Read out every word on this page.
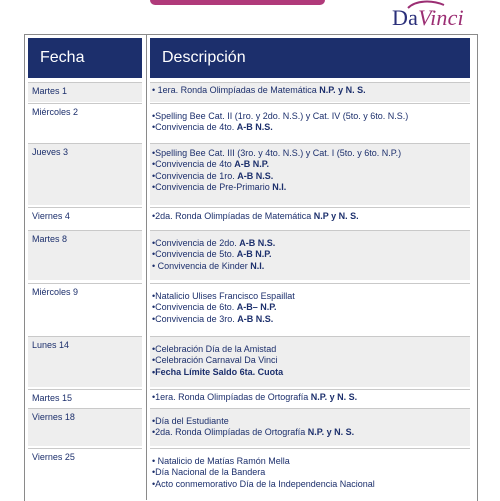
DaVinci
Fecha	Descripción
Martes 1	• 1era. Ronda Olimpíadas de Matemática N.P. y N. S.
Miércoles 2	•Spelling Bee Cat. II (1ro. y 2do. N.S.) y Cat. IV (5to. y 6to. N.S.)
•Convivencia de 4to. A-B N.S.
Jueves 3	•Spelling Bee Cat. III (3ro. y 4to. N.S.) y Cat. I (5to. y 6to. N.P.)
•Convivencia de 4to A-B N.P.
•Convivencia de 1ro. A-B N.S.
•Convivencia de Pre-Primario N.I.
Viernes 4	•2da. Ronda Olimpíadas de Matemática N.P y N. S.
Martes 8	•Convivencia de 2do. A-B N.S.
•Convivencia de 5to. A-B N.P.
• Convivencia de Kinder N.I.
Miércoles 9	•Natalicio Ulises Francisco Espaillat
•Convivencia de 6to. A-B– N.P.
•Convivencia de 3ro. A-B N.S.
Lunes 14	•Celebración Día de la Amistad
•Celebración Carnaval Da Vinci
•Fecha Límite Saldo 6ta. Cuota
Martes 15	•1era. Ronda Olimpíadas de Ortografía N.P. y N. S.
Viernes 18	•Día del Estudiante
•2da. Ronda Olimpíadas de Ortografía N.P. y N. S.
Viernes 25	• Natalicio de Matías Ramón Mella
•Día Nacional de la Bandera
•Acto conmemorativo Día de la Independencia Nacional
